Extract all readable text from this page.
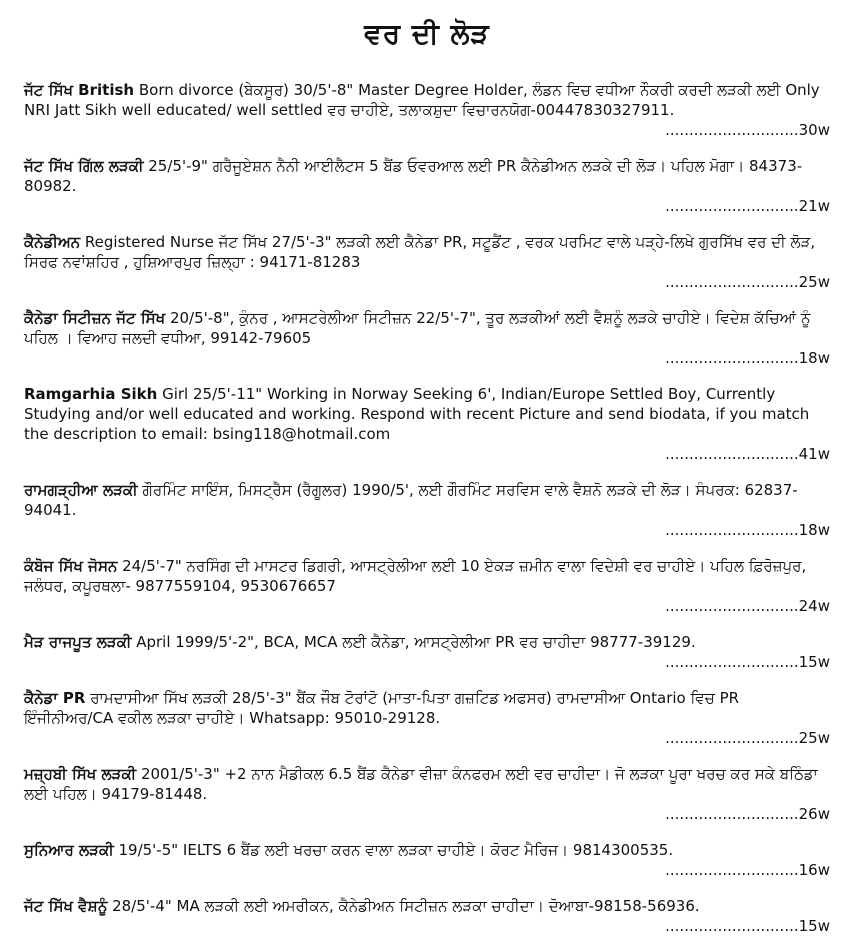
ਵਰ ਦੀ ਲੋੜ
ਜੱਟ ਸਿੱਖ British Born divorce (ਬੇਕਸੂਰ) 30/5'-8" Master Degree Holder, ਲੰਡਨ ਵਿਚ ਵਧੀਆ ਨੌਕਰੀ ਕਰਦੀ ਲੜਕੀ ਲਈ Only NRI Jatt Sikh well educated/ well settled ਵਰ ਚਾਹੀਏ, ਤਲਾਕਸ਼ੁਦਾ ਵਿਚਾਰਨਯੋਗ-00447830327911.
............................ 30w
ਜੱਟ ਸਿੱਖ ਗਿੱਲ ਲੜਕੀ 25/5'-9" ਗਰੈਜੂਏਸ਼ਨ ਨੈਨੀ ਆਈਲੈਟਸ 5 ਬੈਂਡ ਓਵਰਆਲ ਲਈ PR ਕੈਨੇਡੀਅਨ ਲੜਕੇ ਦੀ ਲੋੜ। ਪਹਿਲ ਮੋਗਾ। 84373-80982.
............................ 21w
ਕੈਨੇਡੀਅਨ Registered Nurse ਜੱਟ ਸਿੱਖ 27/5'-3" ਲੜਕੀ ਲਈ ਕੈਨੇਡਾ PR, ਸਟੂਡੈਂਟ , ਵਰਕ ਪਰਮਿਟ ਵਾਲੇ ਪੜ੍ਹੇ-ਲਿਖੇ ਗੁਰਸਿੱਖ ਵਰ ਦੀ ਲੋੜ, ਸਿਰਫ ਨਵਾਂਸ਼ਹਿਰ , ਹੁਸ਼ਿਆਰਪੁਰ ਜ਼ਿਲ੍ਹਾ : 94171-81283
............................ 25w
ਕੈਨੇਡਾ ਸਿਟੀਜ਼ਨ ਜੱਟ ਸਿੱਖ 20/5'-8", ਕੁੰਨਰ , ਆਸਟਰੇਲੀਆ ਸਿਟੀਜ਼ਨ 22/5'-7", ਤੂਰ ਲੜਕੀਆਂ ਲਈ ਵੈਸ਼ਨੂੰ ਲੜਕੇ ਚਾਹੀਏ। ਵਿਦੇਸ਼ ਕੱਚਿਆਂ ਨੂੰ ਪਹਿਲ । ਵਿਆਹ ਜਲਦੀ ਵਧੀਆ, 99142-79605
............................ 18w
Ramgarhia Sikh Girl 25/5'-11" Working in Norway Seeking 6', Indian/Europe Settled Boy, Currently Studying and/or well educated and working. Respond with recent Picture and send biodata, if you match the description to email: bsing118@hotmail.com
............................ 41w
ਰਾਮਗੜ੍ਹੀਆ ਲੜਕੀ ਗੌਰਮਿੰਟ ਸਾਇੰਸ, ਮਿਸਟ੍ਰੈਸ (ਰੈਗੂਲਰ) 1990/5', ਲਈ ਗੌਰਮਿੰਟ ਸਰਵਿਸ ਵਾਲੇ ਵੈਸ਼ਨੋ ਲੜਕੇ ਦੀ ਲੋੜ। ਸੰਪਰਕ: 62837-94041.
............................ 18w
ਕੰਬੋਜ ਸਿੱਖ ਜੋਸਨ 24/5'-7" ਨਰਸਿੰਗ ਦੀ ਮਾਸਟਰ ਡਿਗਰੀ, ਆਸਟ੍ਰੇਲੀਆ ਲਈ 10 ਏਕੜ ਜ਼ਮੀਨ ਵਾਲਾ ਵਿਦੇਸ਼ੀ ਵਰ ਚਾਹੀਏ। ਪਹਿਲ ਫ਼ਿਰੋਜ਼ਪੁਰ, ਜਲੰਧਰ, ਕਪੂਰਥਲਾ- 9877559104, 9530676657
............................ 24w
ਮੈੜ ਰਾਜਪੂਤ ਲੜਕੀ April 1999/5'-2", BCA, MCA ਲਈ ਕੈਨੇਡਾ, ਆਸਟ੍ਰੇਲੀਆ PR ਵਰ ਚਾਹੀਦਾ 98777-39129.
............................ 15w
ਕੈਨੇਡਾ PR ਰਾਮਦਾਸੀਆ ਸਿੱਖ ਲੜਕੀ 28/5'-3" ਬੈਂਕ ਜੌਬ ਟੋਰਾਂਟੋ (ਮਾਤਾ-ਪਿਤਾ ਗਜ਼ਟਿਡ ਅਫਸਰ) ਰਾਮਦਾਸੀਆ Ontario ਵਿਚ PR ਇੰਜੀਨੀਅਰ/CA ਵਕੀਲ ਲੜਕਾ ਚਾਹੀਏ। Whatsapp: 95010-29128.
............................ 25w
ਮਜ਼੍ਹਬੀ ਸਿੱਖ ਲੜਕੀ 2001/5'-3" +2 ਨਾਨ ਮੈਡੀਕਲ 6.5 ਬੈਂਡ ਕੈਨੇਡਾ ਵੀਜ਼ਾ ਕੰਨਫਰਮ ਲਈ ਵਰ ਚਾਹੀਦਾ। ਜੋ ਲੜਕਾ ਪੂਰਾ ਖਰਚ ਕਰ ਸਕੇ ਬਠਿੰਡਾ ਲਈ ਪਹਿਲ। 94179-81448.
............................ 26w
ਸੁਨਿਆਰ ਲੜਕੀ 19/5'-5" IELTS 6 ਬੈਂਡ ਲਈ ਖਰਚਾ ਕਰਨ ਵਾਲਾ ਲੜਕਾ ਚਾਹੀਏ। ਕੋਰਟ ਮੈਰਿਜ। 9814300535.
............................ 16w
ਜੱਟ ਸਿੱਖ ਵੈਸ਼ਨੂੰ 28/5'-4" MA ਲੜਕੀ ਲਈ ਅਮਰੀਕਨ, ਕੈਨੇਡੀਅਨ ਸਿਟੀਜ਼ਨ ਲੜਕਾ ਚਾਹੀਦਾ। ਦੋਆਬਾ-98158-56936.
............................ 15w
